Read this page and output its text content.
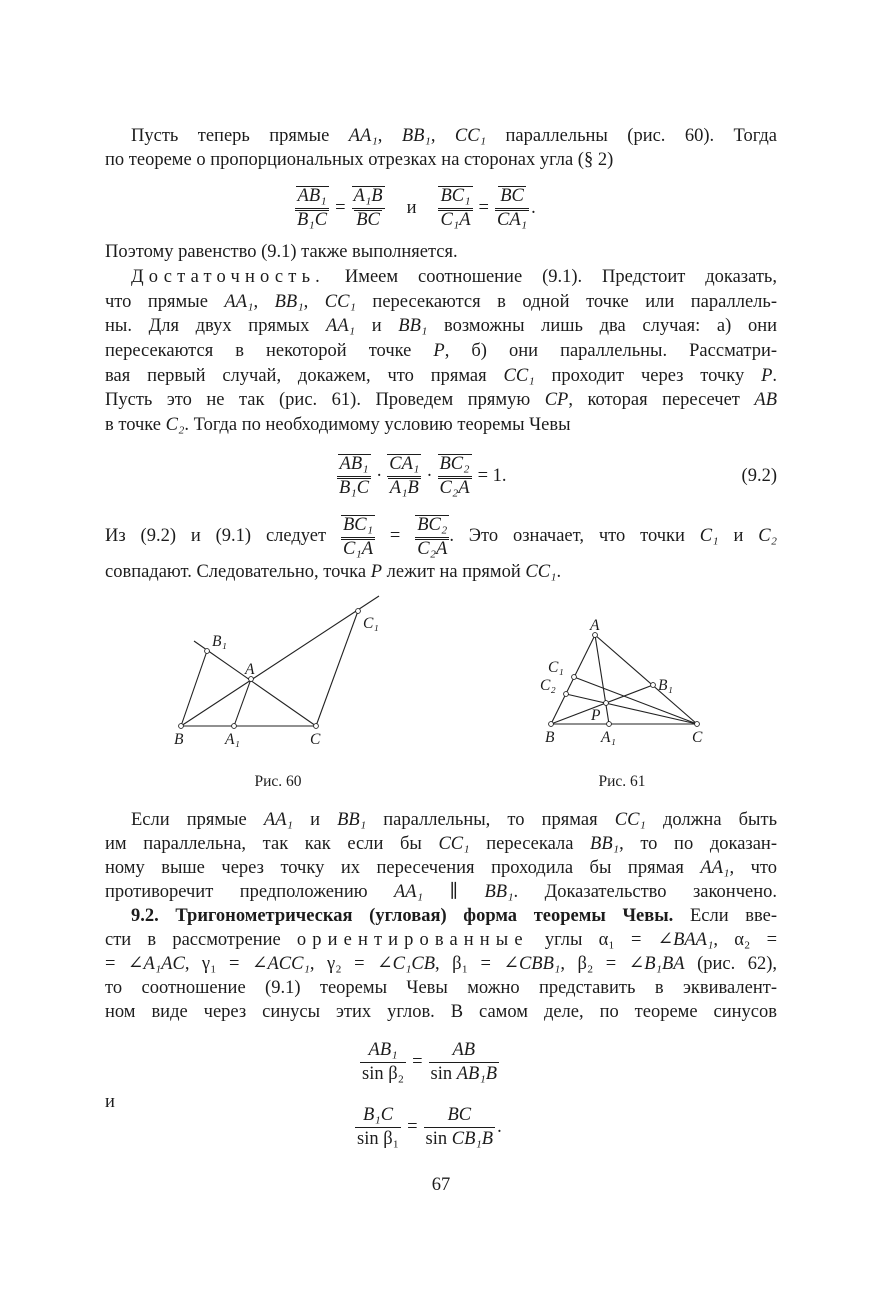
Пусть теперь прямые AA₁, BB₁, CC₁ параллельны (рис. 60). Тогда
по теореме о пропорциональных отрезках на сторонах угла (§ 2)
$\frac{\text{AB₁}}{\text{B₁C}} = \frac{\text{A₁B}}{BC}$ и $\frac{\text{BC₁}}{\text{C₁A}} = \frac{BC}{\text{CA₁}}$ .
Поэтому равенство (9.1) также выполняется.
Достаточность. Имеем соотношение (9.1). Предстоит доказать,
что прямые AA₁, BB₁, CC₁ пересекаются в одной точке или параллель-
ны. Для двух прямых AA₁ и BB₁ возможны лишь два случая: а) они
пересекаются в некоторой точке P, б) они параллельны. Рассматри-
вая первый случай, докажем, что прямая CC₁ проходит через точку P.
Пусть это не так (рис. 61). Проведем прямую CP, которая пересечет AB
в точке C₂. Тогда по необходимому условию теоремы Чевы
$\frac{\text{AB₁}}{\text{B₁C}} \cdot \frac{\text{CA₁}}{\text{A₁B}} \cdot \frac{\text{BC₂}}{\text{C₂A}} = 1$.	(9.2)
Из (9.2) и (9.1) следует $\frac{\text{BC₁}}{\text{C₁A}} = \frac{\text{BC₂}}{\text{C₂A}}$ . Это означает, что точки C₁ и C₂
совпадают. Следовательно, точка P лежит на прямой CC₁.
B₁
A
C₁
B	A₁	C
Рис. 60
A
C₁
B₁
C₂
P
B	A₁	C
Рис. 61
Если прямые AA₁ и BB₁ параллельны, то прямая CC₁ должна быть
им параллельна, так как если бы CC₁ пересекала BB₁, то по доказан-
ному выше через точку их пересечения проходила бы прямая AA₁, что
противоречит предположению AA₁ ∥ BB₁. Доказательство закончено.
9.2. Тригонометрическая (угловая) форма теоремы Чевы. Если вве-
сти в рассмотрение ориентированные углы α₁ = ∠BAA₁, α₂ =
= ∠A₁AC, γ₁ = ∠ACC₁, γ₂ = ∠C₁CB, β₁ = ∠CBB₁, β₂ = ∠B₁BA (рис. 62),
то соотношение (9.1) теоремы Чевы можно представить в эквивалент-
ном виде через синусы этих углов. В самом деле, по теореме синусов
$\frac{\text{AB₁}}{\text{sin β₂}} = \frac{AB}{\text{sin AB₁B}}$
и
$\frac{\text{B₁C}}{\text{sin β₁}} = \frac{BC}{\text{sin CB₁B}}$ .
67
